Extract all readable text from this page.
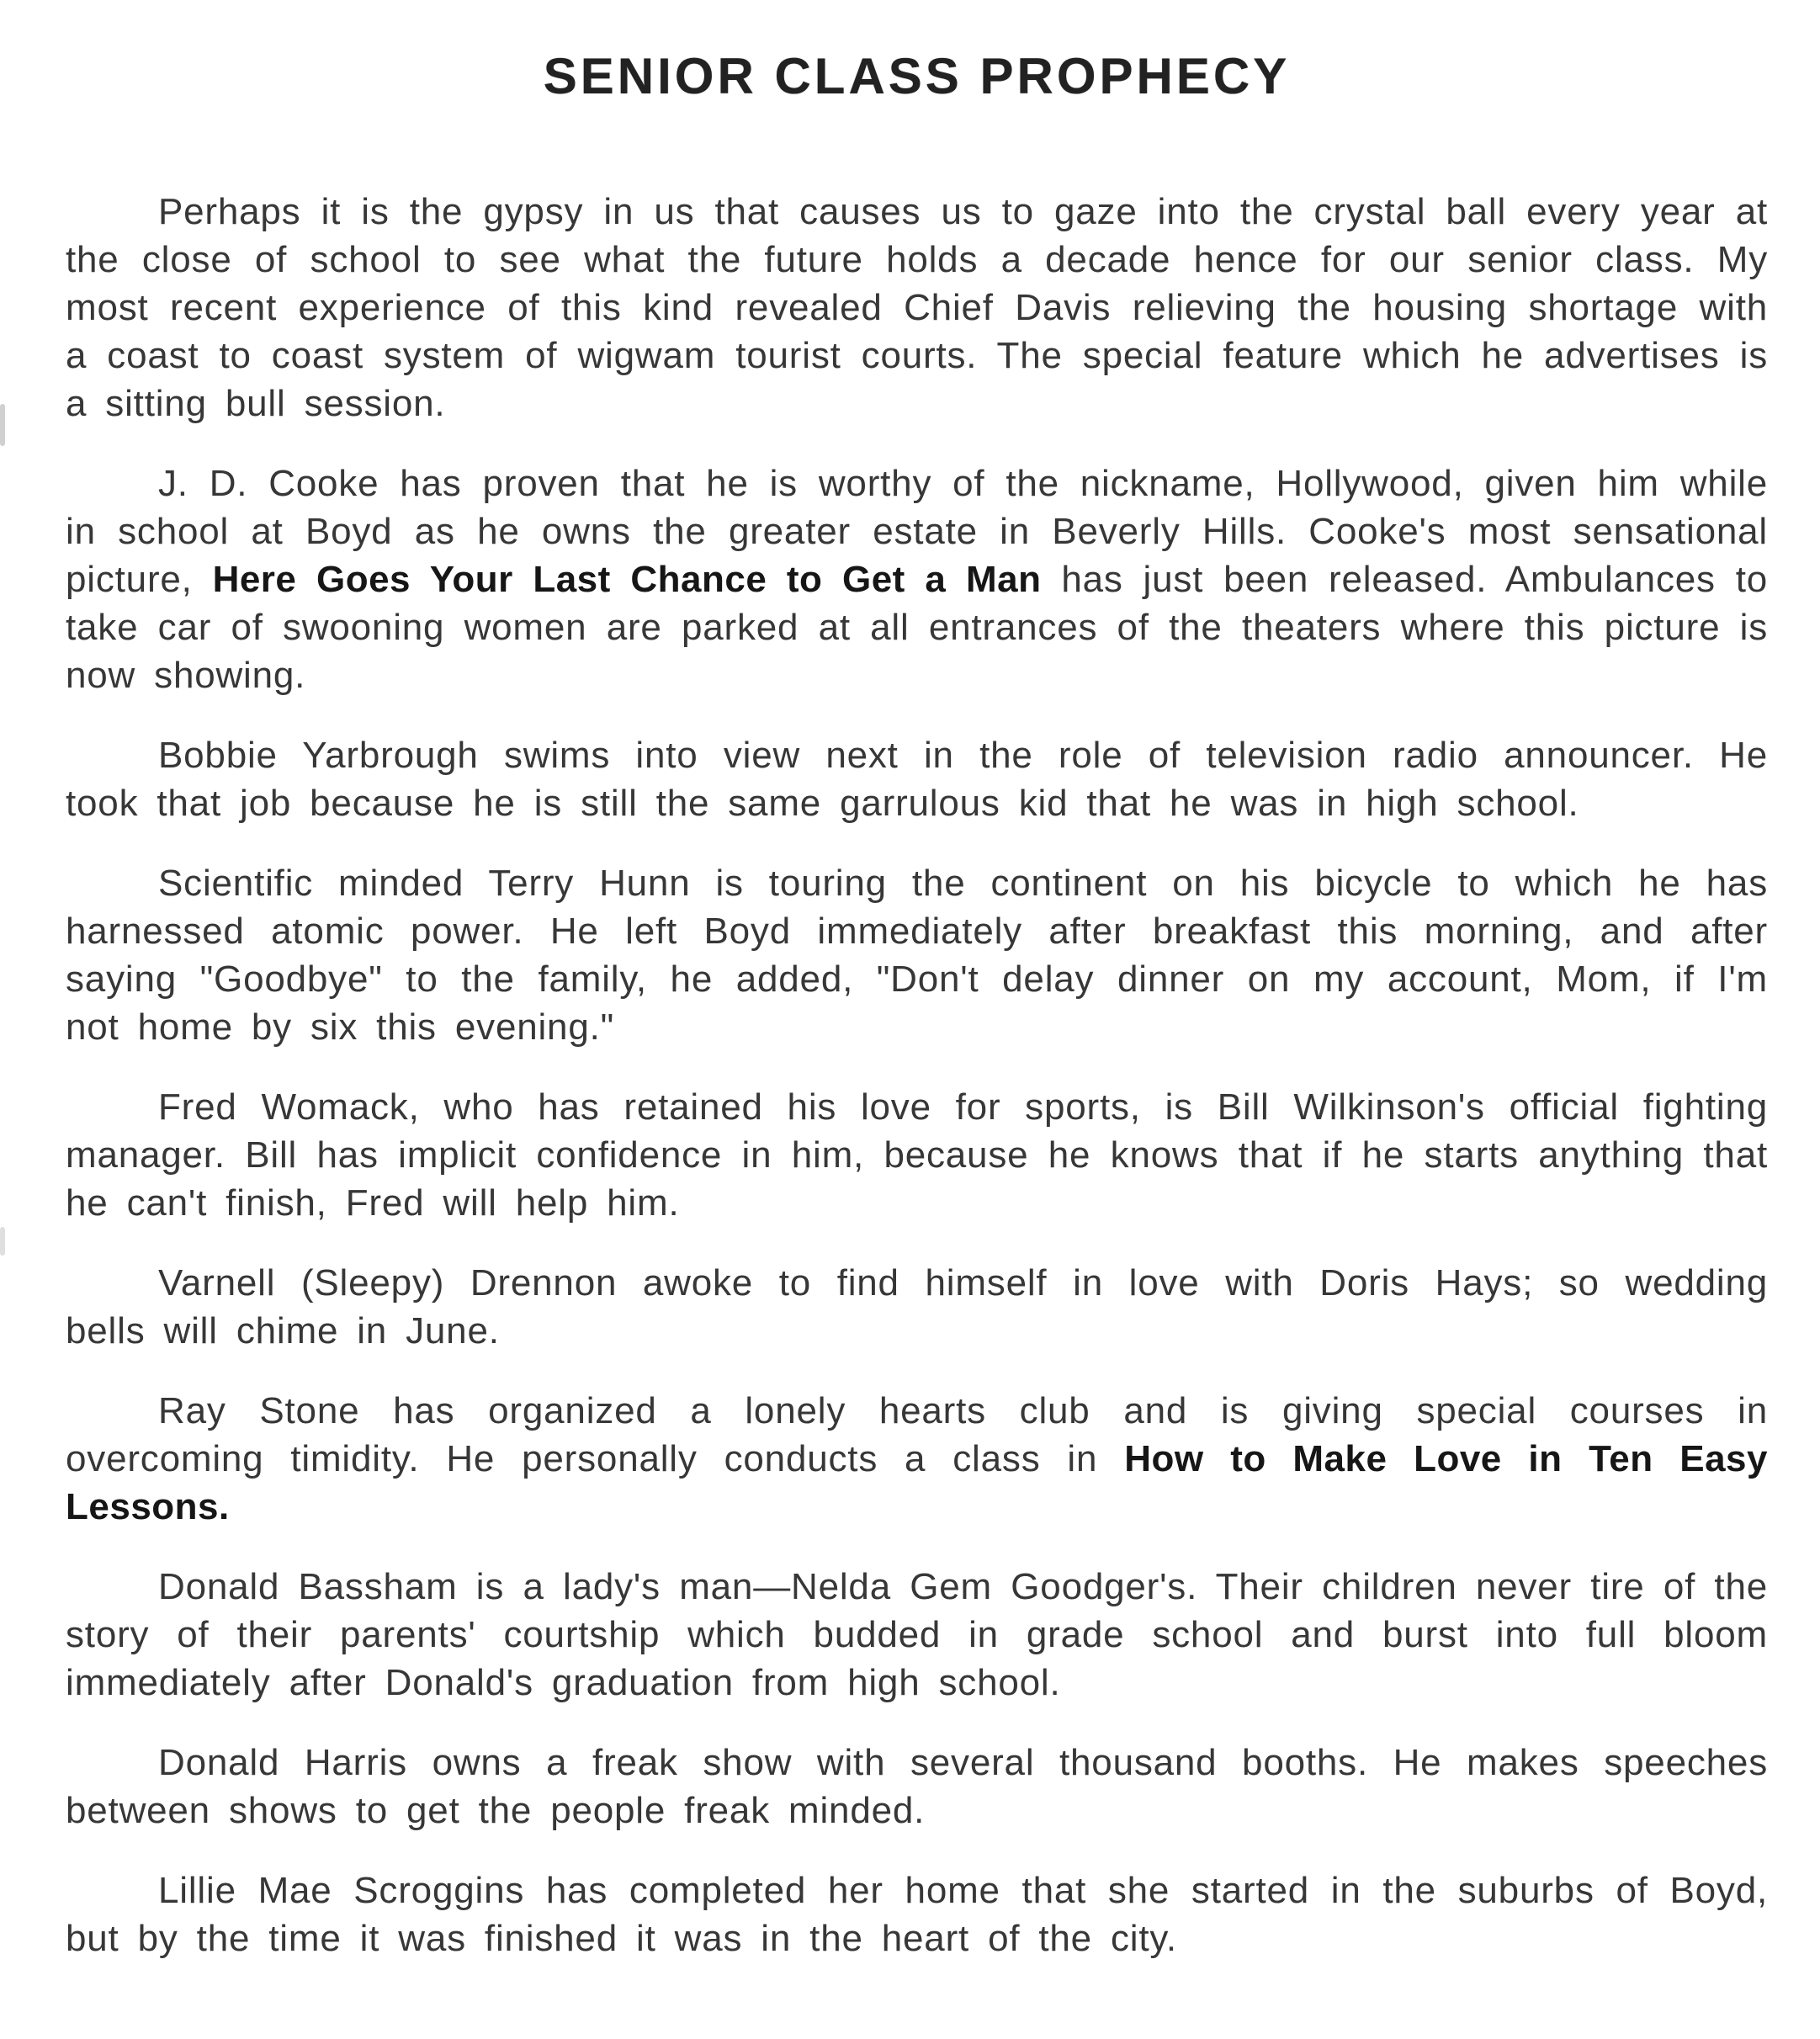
SENIOR CLASS PROPHECY

Perhaps it is the gypsy in us that causes us to gaze into the crystal ball every year at the close of school to see what the future holds a decade hence for our senior class. My most recent experience of this kind revealed Chief Davis relieving the housing shortage with a coast to coast system of wigwam tourist courts. The special feature which he advertises is a sitting bull session.

J. D. Cooke has proven that he is worthy of the nickname, Hollywood, given him while in school at Boyd as he owns the greater estate in Beverly Hills. Cooke's most sensational picture, Here Goes Your Last Chance to Get a Man has just been released. Ambulances to take car of swooning women are parked at all entrances of the theaters where this picture is now showing.

Bobbie Yarbrough swims into view next in the role of television radio announcer. He took that job because he is still the same garrulous kid that he was in high school.

Scientific minded Terry Hunn is touring the continent on his bicycle to which he has harnessed atomic power. He left Boyd immediately after breakfast this morning, and after saying "Goodbye" to the family, he added, "Don't delay dinner on my account, Mom, if I'm not home by six this evening."

Fred Womack, who has retained his love for sports, is Bill Wilkinson's official fighting manager. Bill has implicit confidence in him, because he knows that if he starts anything that he can't finish, Fred will help him.

Varnell (Sleepy) Drennon awoke to find himself in love with Doris Hays; so wedding bells will chime in June.

Ray Stone has organized a lonely hearts club and is giving special courses in overcoming timidity. He personally conducts a class in How to Make Love in Ten Easy Lessons.

Donald Bassham is a lady's man—Nelda Gem Goodger's. Their children never tire of the story of their parents' courtship which budded in grade school and burst into full bloom immediately after Donald's graduation from high school.

Donald Harris owns a freak show with several thousand booths. He makes speeches between shows to get the people freak minded.

Lillie Mae Scroggins has completed her home that she started in the suburbs of Boyd, but by the time it was finished it was in the heart of the city.
